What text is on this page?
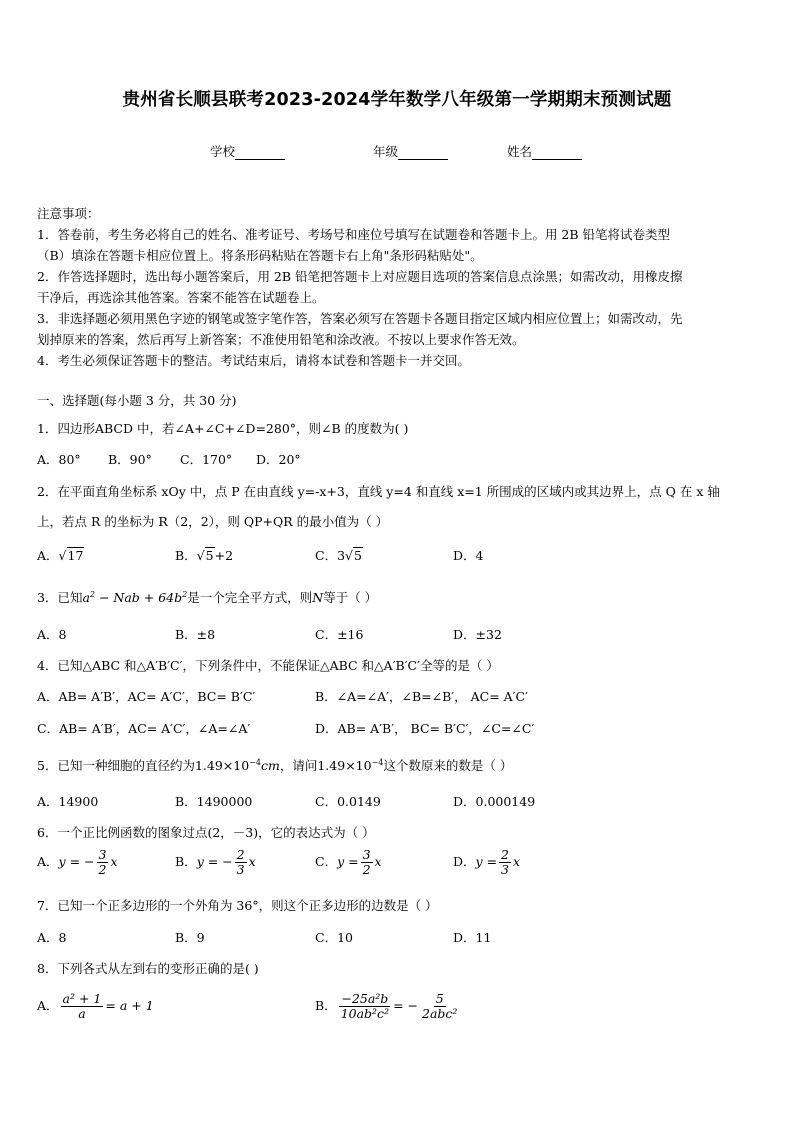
贵州省长顺县联考2023-2024学年数学八年级第一学期期末预测试题
学校	年级	姓名
注意事项：
1．答卷前，考生务必将自己的姓名、准考证号、考场号和座位号填写在试题卷和答题卡上。用 2B 铅笔将试卷类型
（B）填涂在答题卡相应位置上。将条形码粘贴在答题卡右上角"条形码粘贴处"。
2．作答选择题时，选出每小题答案后，用 2B 铅笔把答题卡上对应题目选项的答案信息点涂黑；如需改动，用橡皮擦
干净后，再选涂其他答案。答案不能答在试题卷上。
3．非选择题必须用黑色字迹的钢笔或签字笔作答，答案必须写在答题卡各题目指定区域内相应位置上；如需改动，先
划掉原来的答案，然后再写上新答案；不准使用铅笔和涂改液。不按以上要求作答无效。
4．考生必须保证答题卡的整洁。考试结束后，请将本试卷和答题卡一并交回。
一、选择题(每小题 3 分，共 30 分)
1．四边形ABCD 中，若∠A+∠C+∠D=280°，则∠B 的度数为( )
A．80° B．90° C．170° D．20°
2．在平面直角坐标系 xOy 中，点 P 在由直线 y=-x+3，直线 y=4 和直线 x=1 所围成的区域内或其边界上，点 Q 在 x 轴
上，若点 R 的坐标为 R（2，2），则 QP+QR 的最小值为（ ）
A．√17	B．√5+2	C．3√5	D．4
3．已知$a^2$ − Nab + $64b^2$是一个完全平方式，则N等于（ ）
A．8	B．±8	C．±16	D．±32
4．已知△ABC 和△A′B′C′，下列条件中，不能保证△ABC 和△A′B′C′全等的是（ ）
A．AB= A′B′，AC= A′C′，BC= B′C′	B．∠A=∠A′，∠B=∠B′， AC= A′C′
C．AB= A′B′，AC= A′C′，∠A=∠A′	D．AB= A′B′， BC= B′C′，∠C=∠C′
5．已知一种细胞的直径约为$1.49\times 10^{-4}cm$，请问$1.49\times 10^{-4}$这个数原来的数是（ ）
A．14900	B．1490000	C．0.0149	D．0.000149
6．一个正比例函数的图象过点(2，－3)，它的表达式为（ ）
A．y = − $\frac{3}{2}$ x	B．y = − $\frac{2}{3}$ x	C．$y = \frac{3}{2}$ x	D．$y = \frac{2}{3}$ x
7．已知一个正多边形的一个外角为 36°，则这个正多边形的边数是（ ）
A．8	B．9	C．10	D．11
8．下列各式从左到右的变形正确的是( )
A． $\frac{\text{a² + 1}}{a} = a + 1$	B． $\frac{\text{−25a²b}}{\text{10ab²c²}}$ = − $\frac{5}{\text{2abc²}}$
